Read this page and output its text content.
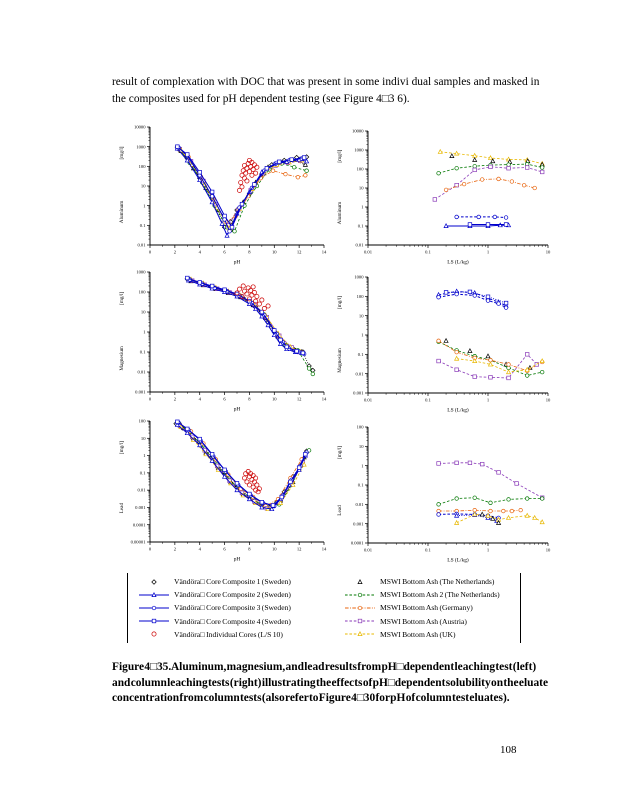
result of complexation with DOC that was present in some indivi dual samples and masked in the composites used for pH dependent testing (see Figure 4□3 6).

0.01
0.1
1
10
100
1000
10000
0	2	4	6	8	10	12	14
pH
Aluminum
[mg/l]
0.01
0.1
1
10
100
1000
10000
0.01	0.1	1	10
LS (L/kg)
Aluminum
[mg/l]
0.001
0.01
0.1
1
10
100
1000
0	2	4	6	8	10	12	14
pH
Magnesium
[mg/l]
0.001
0.01
0.1
1
10
100
1000
0.01	0.1	1	10
LS (L/kg)
Magnesium
[mg/l]
0.00001
0.0001
0.001
0.01
0.1
1
10
100
0	2	4	6	8	10	12	14
pH
Lead
[mg/l]
0.0001
0.001
0.01
0.1
1
10
100
0.01	0.1	1	10
LS (L/kg)
Lead
[mg/l]
Vändöra□ Core Composite 1 (Sweden)
Vändöra□ Core Composite 2 (Sweden)
Vändöra□ Core Composite 3 (Sweden)
Vändöra□ Core Composite 4 (Sweden)
Vändöra□ Individual Cores (L/S 10)
MSWI Bottom Ash (The Netherlands)
MSWI Bottom Ash 2 (The Netherlands)
MSWI Bottom Ash (Germany)
MSWI Bottom Ash (Austria)
MSWI Bottom Ash (UK)

Figure 4□35. Aluminum, magnesium, and lead results from pH□dependent leaching test (left) and column leaching tests (right) illustrating the effects of pH□dependent solubility on the eluate concentration from column tests (also refer to Figure 4□30 for pH of column test eluates).

108
